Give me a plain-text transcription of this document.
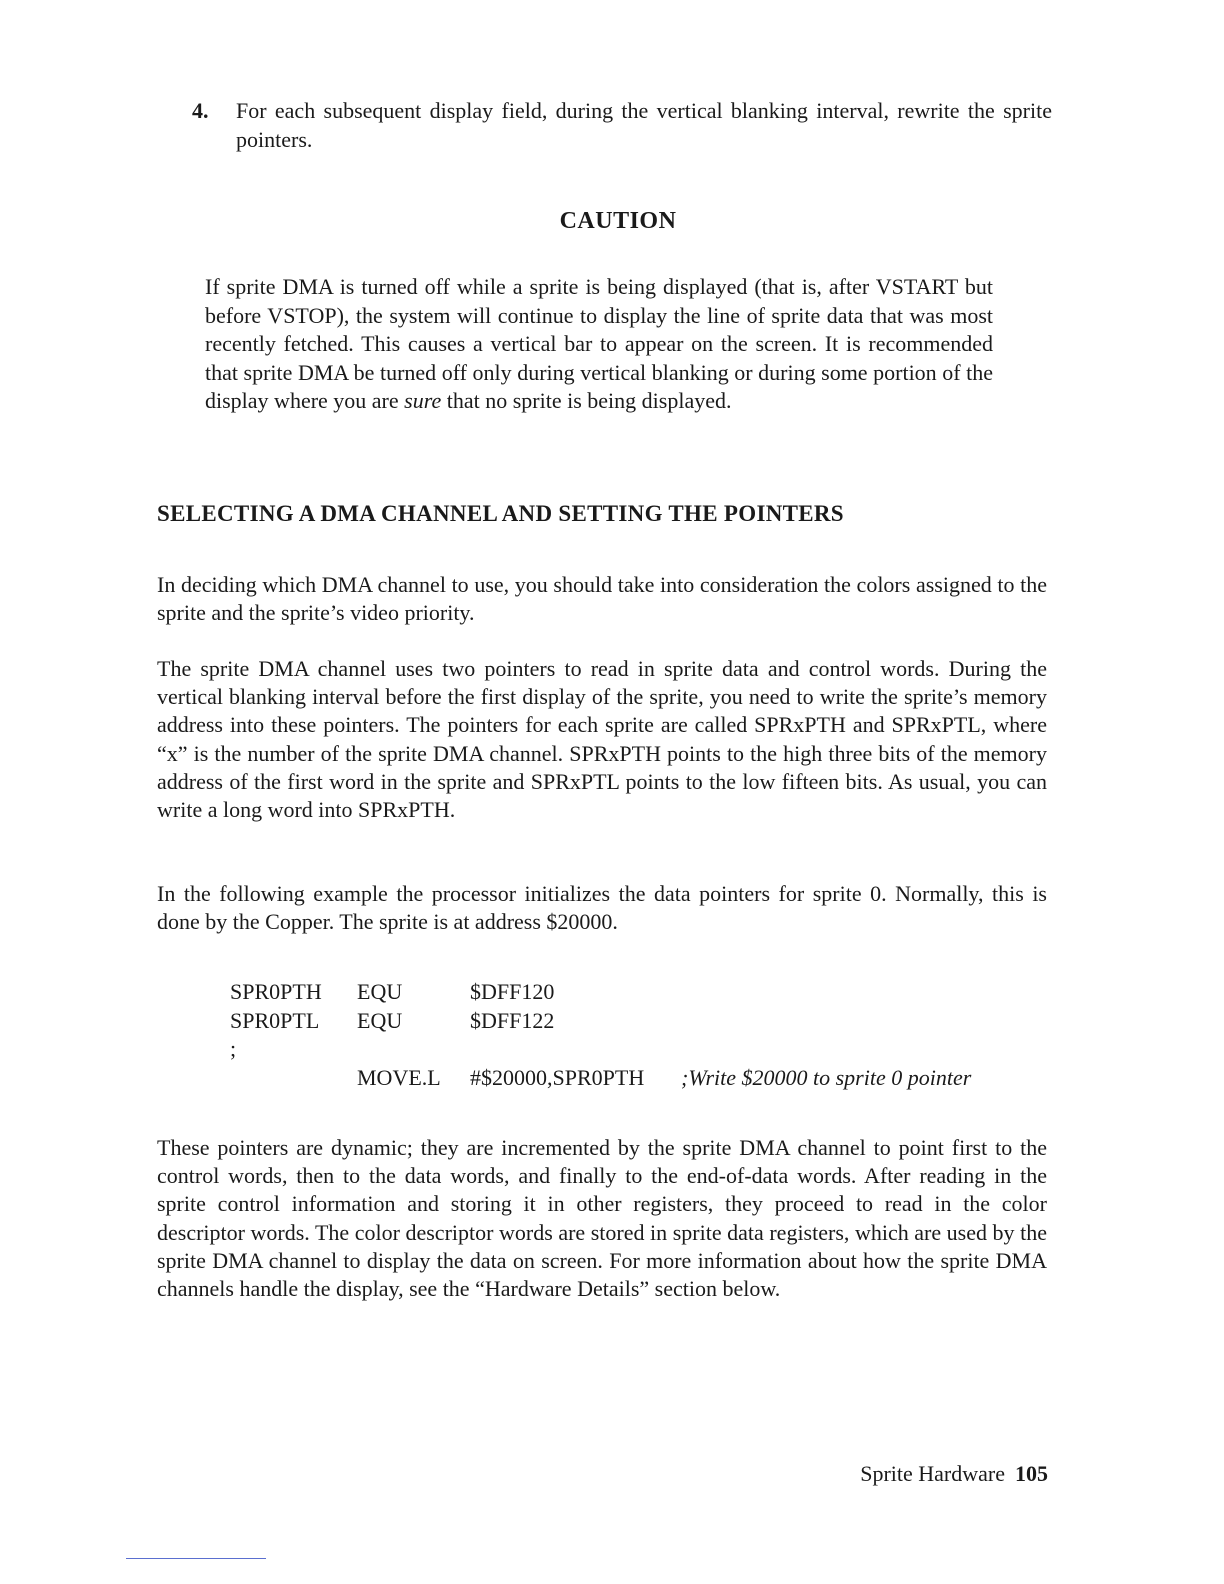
4. For each subsequent display field, during the vertical blanking interval, rewrite the sprite pointers.
CAUTION
If sprite DMA is turned off while a sprite is being displayed (that is, after VSTART but before VSTOP), the system will continue to display the line of sprite data that was most recently fetched. This causes a vertical bar to appear on the screen. It is recommended that sprite DMA be turned off only during vertical blanking or during some portion of the display where you are sure that no sprite is being displayed.
SELECTING A DMA CHANNEL AND SETTING THE POINTERS
In deciding which DMA channel to use, you should take into consideration the colors assigned to the sprite and the sprite’s video priority.
The sprite DMA channel uses two pointers to read in sprite data and control words. During the vertical blanking interval before the first display of the sprite, you need to write the sprite’s memory address into these pointers. The pointers for each sprite are called SPRxPTH and SPRxPTL, where “x” is the number of the sprite DMA channel. SPRxPTH points to the high three bits of the memory address of the first word in the sprite and SPRxPTL points to the low fifteen bits. As usual, you can write a long word into SPRxPTH.
In the following example the processor initializes the data pointers for sprite 0. Normally, this is done by the Copper. The sprite is at address $20000.
SPR0PTH EQU	$DFF120
SPR0PTL EQU	$DFF122
;
MOVE.L #$20000,SPR0PTH ;Write $20000 to sprite 0 pointer
These pointers are dynamic; they are incremented by the sprite DMA channel to point first to the control words, then to the data words, and finally to the end-of-data words. After reading in the sprite control information and storing it in other registers, they proceed to read in the color descriptor words. The color descriptor words are stored in sprite data registers, which are used by the sprite DMA channel to display the data on screen. For more information about how the sprite DMA channels handle the display, see the “Hardware Details” section below.
Sprite Hardware 105
